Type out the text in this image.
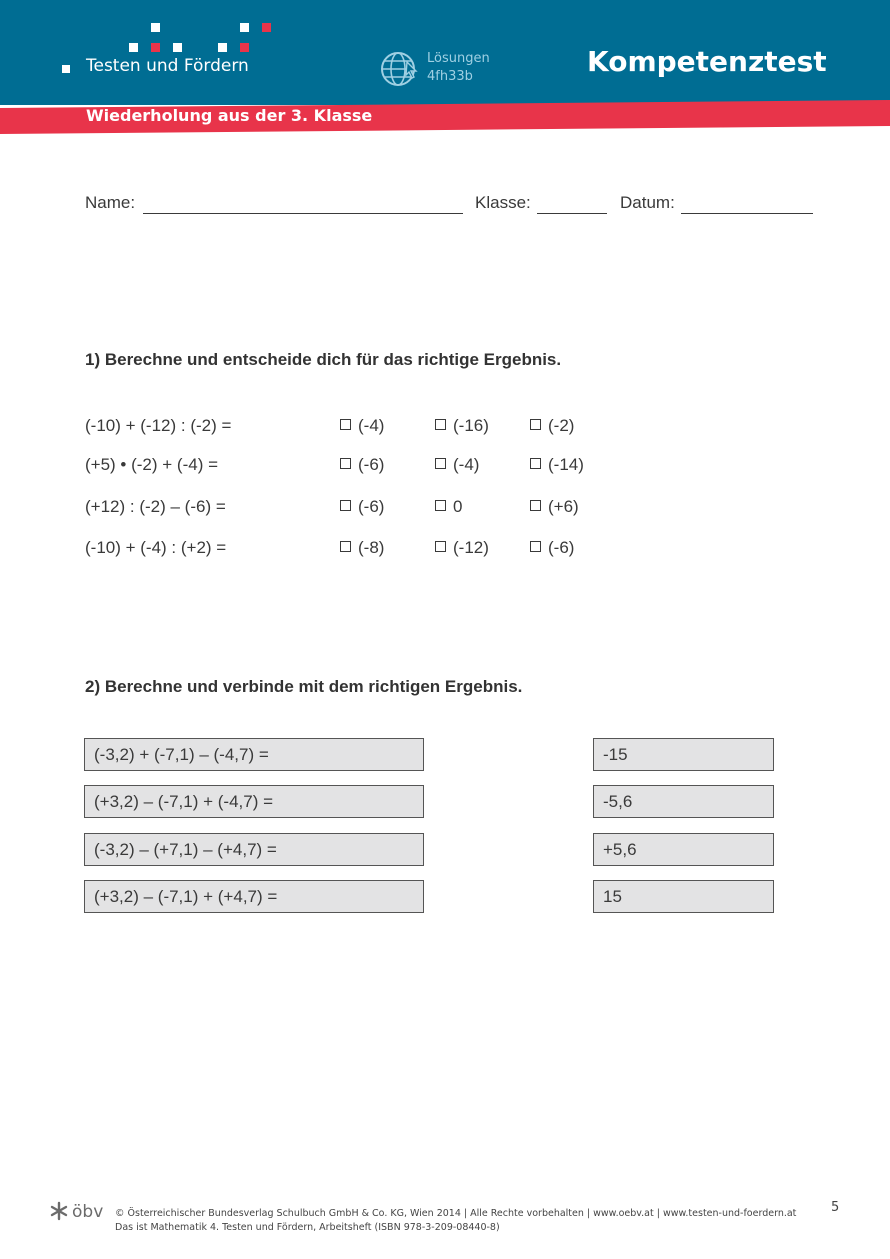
Testen und Fördern	Lösungen
4fh33b	Kompetenztest
Wiederholung aus der 3. Klasse
Name:	Klasse:	Datum:
1) Berechne und entscheide dich für das richtige Ergebnis.
(-10) + (-12) : (-2) =	(-4)	(-16)	(-2)
(+5) • (-2) + (-4) =	(-6)	(-4)	(-14)
(+12) : (-2) – (-6) =	(-6)	0	(+6)
(-10) + (-4) : (+2) =	(-8)	(-12)	(-6)
2) Berechne und verbinde mit dem richtigen Ergebnis.
(-3,2) + (-7,1) – (-4,7) =
(+3,2) – (-7,1) + (-4,7) =
(-3,2) – (+7,1) – (+4,7) =
(+3,2) – (-7,1) + (+4,7) =
-15
-5,6
+5,6
15
öbv © Österreichischer Bundesverlag Schulbuch GmbH & Co. KG, Wien 2014 | Alle Rechte vorbehalten | www.oebv.at | www.testen-und-foerdern.at
Das ist Mathematik 4. Testen und Fördern, Arbeitsheft (ISBN 978-3-209-08440-8)
5
